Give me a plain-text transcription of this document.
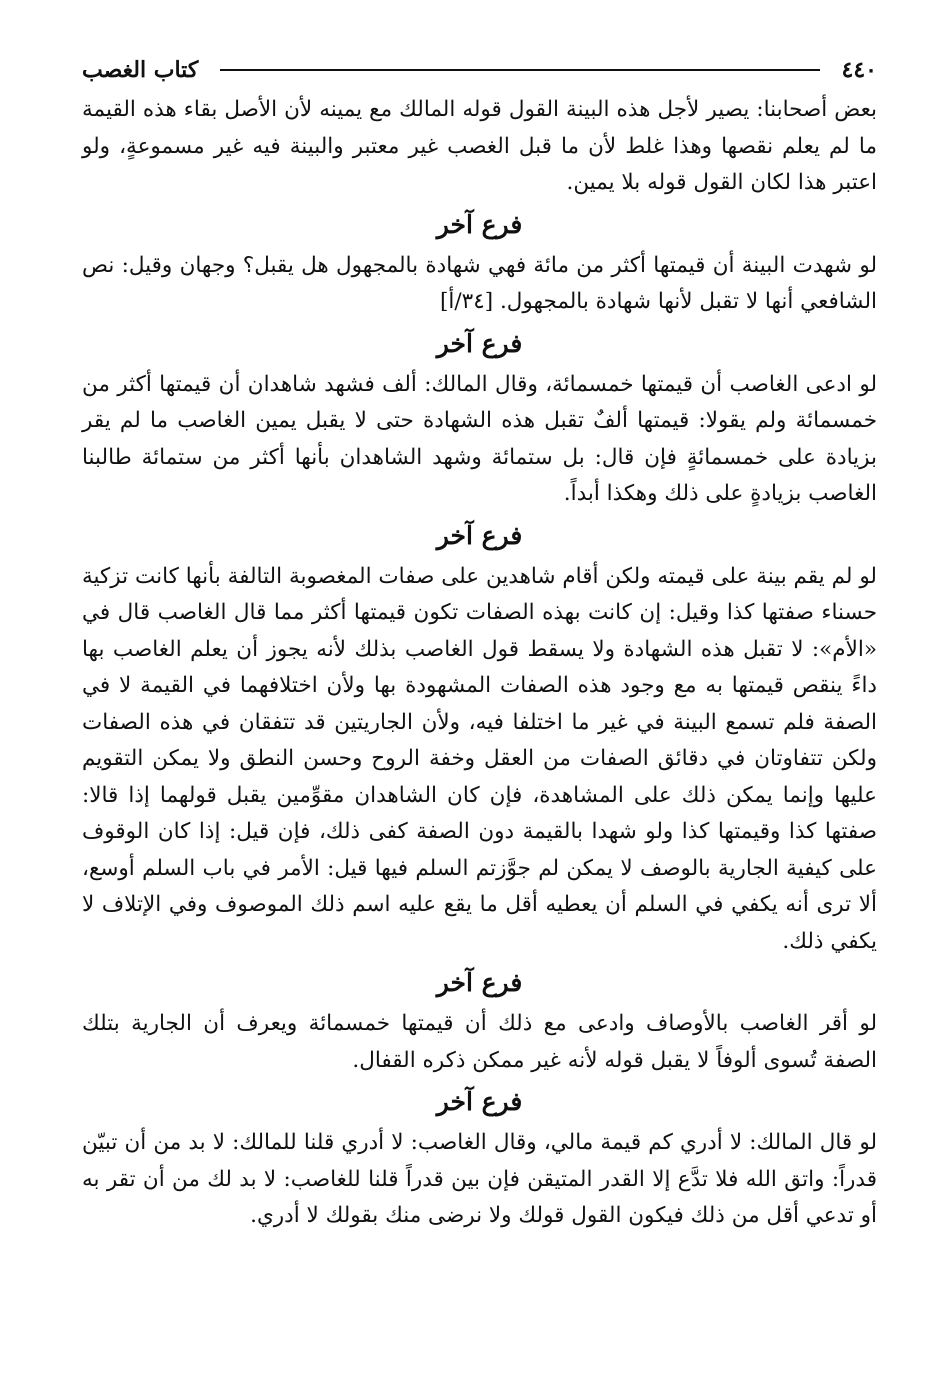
٤٤٠
كتاب الغصب

بعض أصحابنا: يصير لأجل هذه البينة القول قوله المالك مع يمينه لأن الأصل بقاء هذه القيمة ما لم يعلم نقصها وهذا غلط لأن ما قبل الغصب غير معتبر والبينة فيه غير مسموعةٍ، ولو اعتبر هذا لكان القول قوله بلا يمين.

فرع آخر

لو شهدت البينة أن قيمتها أكثر من مائة فهي شهادة بالمجهول هل يقبل؟ وجهان وقيل: نص الشافعي أنها لا تقبل لأنها شهادة بالمجهول. [٣٤/أ]

فرع آخر

لو ادعى الغاصب أن قيمتها خمسمائة، وقال المالك: ألف فشهد شاهدان أن قيمتها أكثر من خمسمائة ولم يقولا: قيمتها ألفٌ تقبل هذه الشهادة حتى لا يقبل يمين الغاصب ما لم يقر بزيادة على خمسمائةٍ فإن قال: بل ستمائة وشهد الشاهدان بأنها أكثر من ستمائة طالبنا الغاصب بزيادةٍ على ذلك وهكذا أبداً.

فرع آخر

لو لم يقم بينة على قيمته ولكن أقام شاهدين على صفات المغصوبة التالفة بأنها كانت تزكية حسناء صفتها كذا وقيل: إن كانت بهذه الصفات تكون قيمتها أكثر مما قال الغاصب قال في «الأم»: لا تقبل هذه الشهادة ولا يسقط قول الغاصب بذلك لأنه يجوز أن يعلم الغاصب بها داءً ينقص قيمتها به مع وجود هذه الصفات المشهودة بها ولأن اختلافهما في القيمة لا في الصفة فلم تسمع البينة في غير ما اختلفا فيه، ولأن الجاريتين قد تتفقان في هذه الصفات ولكن تتفاوتان في دقائق الصفات من العقل وخفة الروح وحسن النطق ولا يمكن التقويم عليها وإنما يمكن ذلك على المشاهدة، فإن كان الشاهدان مقوِّمين يقبل قولهما إذا قالا: صفتها كذا وقيمتها كذا ولو شهدا بالقيمة دون الصفة كفى ذلك، فإن قيل: إذا كان الوقوف على كيفية الجارية بالوصف لا يمكن لم جوَّزتم السلم فيها قيل: الأمر في باب السلم أوسع، ألا ترى أنه يكفي في السلم أن يعطيه أقل ما يقع عليه اسم ذلك الموصوف وفي الإتلاف لا يكفي ذلك.

فرع آخر

لو أقر الغاصب بالأوصاف وادعى مع ذلك أن قيمتها خمسمائة ويعرف أن الجارية بتلك الصفة تُسوى ألوفاً لا يقبل قوله لأنه غير ممكن ذكره القفال.

فرع آخر

لو قال المالك: لا أدري كم قيمة مالي، وقال الغاصب: لا أدري قلنا للمالك: لا بد من أن تبيّن قدراً: واتق الله فلا تدَّع إلا القدر المتيقن فإن بين قدراً قلنا للغاصب: لا بد لك من أن تقر به أو تدعي أقل من ذلك فيكون القول قولك ولا نرضى منك بقولك لا أدري.
